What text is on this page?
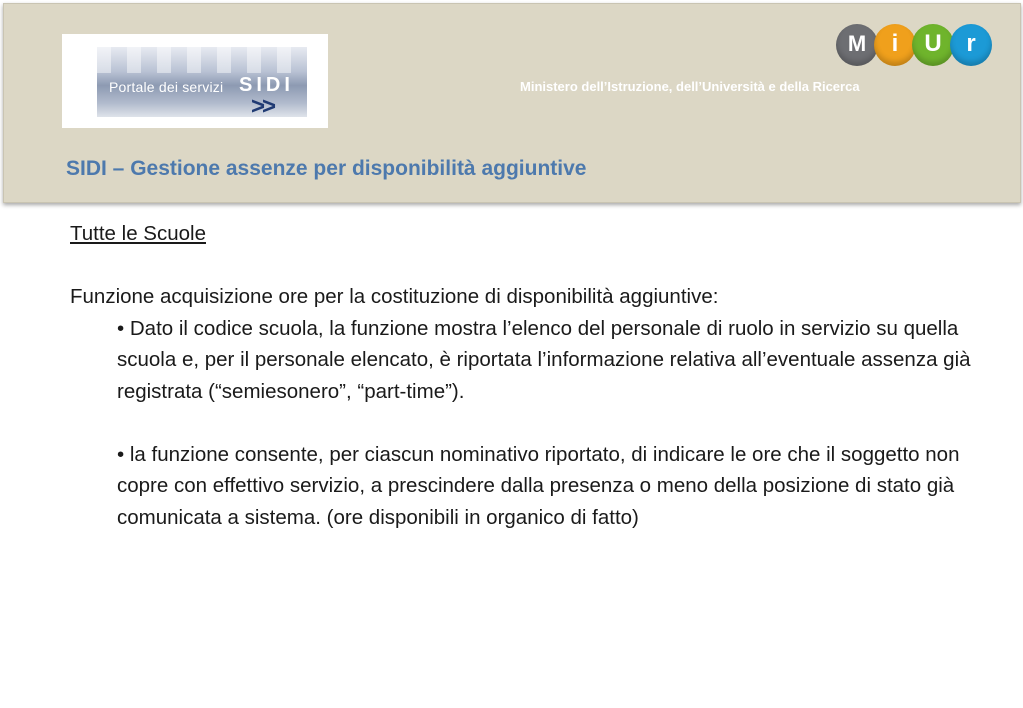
Portale dei servizi SIDI
>>
M	i	U	r
Ministero dell’Istruzione, dell’Università e della Ricerca
SIDI – Gestione assenze per disponibilità aggiuntive

Tutte le Scuole

Funzione acquisizione ore per la costituzione di disponibilità aggiuntive:

• Dato il codice scuola, la funzione mostra l’elenco del personale di ruolo in servizio su quella scuola e, per il personale elencato, è riportata l’informazione relativa all’eventuale assenza già registrata (“semiesonero”, “part-time”).

• la funzione consente, per ciascun nominativo riportato, di indicare le ore che il soggetto non copre con effettivo servizio, a prescindere dalla presenza o meno della posizione di stato già comunicata a sistema. (ore disponibili in organico di fatto)
